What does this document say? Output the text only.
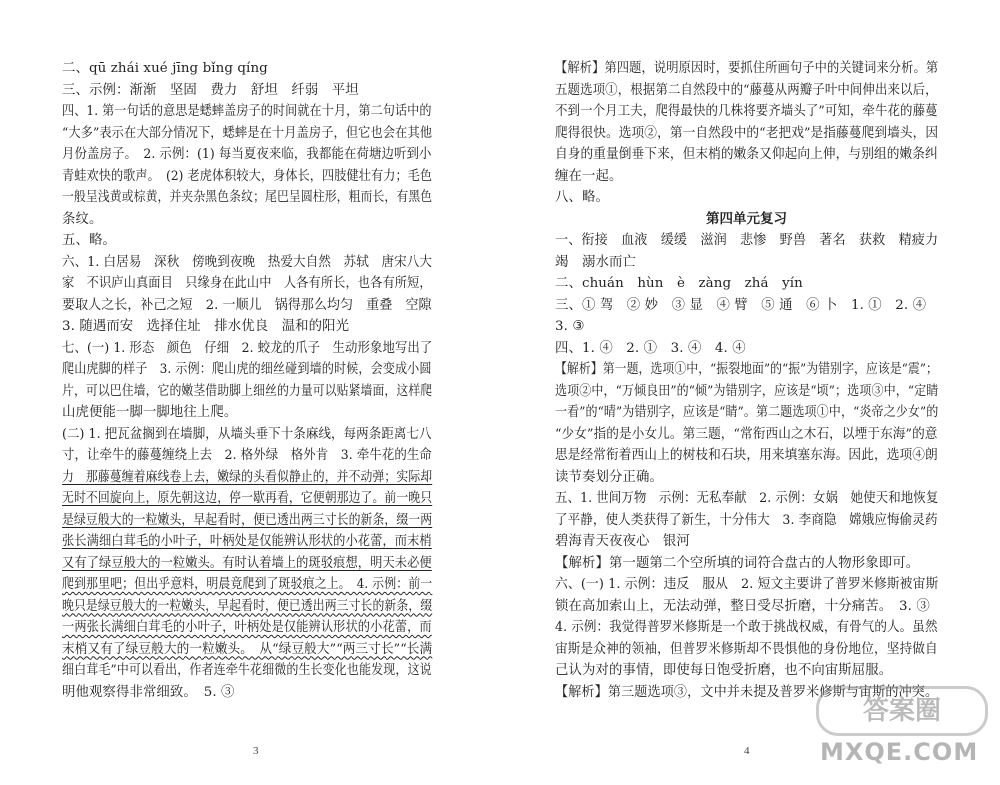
二、qū zhái xué jīng bǐng qíng
三、示例：渐渐　坚固　费力　舒坦　纤弱　平坦
四、1. 第一句话的意思是蟋蟀盖房子的时间就在十月，第二句话中的
“大多”表示在大部分情况下，蟋蟀是在十月盖房子，但它也会在其他
月份盖房子。　2. 示例：(1) 每当夏夜来临，我都能在荷塘边听到小
青蛙欢快的歌声。　(2) 老虎体积较大，身体长，四肢健壮有力；毛色
一般呈浅黄或棕黄，并夹杂黑色条纹；尾巴呈圆柱形，粗而长，有黑色
条纹。
五、略。
六、1. 白居易　深秋　傍晚到夜晚　热爱大自然　苏轼　唐宋八大
家　不识庐山真面目　只缘身在此山中　人各有所长，也各有所短，
要取人之长，补己之短　2. 一顺儿　锅得那么均匀　重叠　空隙
3. 随遇而安　选择住址　排水优良　温和的阳光
七、(一) 1. 形态　颜色　仔细　2. 蛟龙的爪子　生动形象地写出了
爬山虎脚的样子　3. 示例：爬山虎的细丝碰到墙的时候，会变成小圆
片，可以巴住墙，它的嫩茎借助脚上细丝的力量可以贴紧墙面，这样爬
山虎便能一脚一脚地往上爬。
(二) 1. 把瓦盆搁到在墙脚，从墙头垂下十条麻线，每两条距离七八
寸，让牵牛的藤蔓缠绕上去　2. 格外绿　格外肯　3. 牵牛花的生命
力　那藤蔓缠着麻线卷上去，嫩绿的头看似静止的，并不动弹；实际却
无时不回旋向上，原先朝这边，停一歇再看，它便朝那边了。前一晚只
是绿豆般大的一粒嫩头，早起看时，便已透出两三寸长的新条，缀一两
张长满细白茸毛的小叶子，叶柄处是仅能辨认形状的小花蕾，而末梢
又有了绿豆般大的一粒嫩头。有时认着墙上的斑驳痕想，明天未必便
爬到那里吧；但出乎意料，明晨竟爬到了斑驳痕之上。　4. 示例：前一
晚只是绿豆般大的一粒嫩头，早起看时，便已透出两三寸长的新条，缀
一两张长满细白茸毛的小叶子，叶柄处是仅能辨认形状的小花蕾，而
末梢又有了绿豆般大的一粒嫩头。　从“绿豆般大”“两三寸长”“长满
细白茸毛”中可以看出，作者连牵牛花细微的生长变化也能发现，这说
明他观察得非常细致。　5. ③
【解析】第四题，说明原因时，要抓住所画句子中的关键词来分析。第
五题选项①，根据第二自然段中的“藤蔓从两瓣子叶中间伸出来以后，
不到一个月工夫，爬得最快的几株将要齐墙头了”可知，牵牛花的藤蔓
爬得很快。选项②，第一自然段中的“老把戏”是指藤蔓爬到墙头，因
自身的重量倒垂下来，但末梢的嫩条又仰起向上伸，与别组的嫩条纠
缠在一起。
八、略。
第四单元复习
一、衔接　血液　缓缓　滋润　悲惨　野兽　著名　获救　精疲力
竭　溺水而亡
二、chuán　hùn　è　zàng　zhá　yín
三、① 驾　② 妙　③ 显　④ 臂　⑤ 通　⑥ 卜　1. ①　2. ④
3. ③
四、1. ④　2. ①　3. ④　4. ④
【解析】第一题，选项①中，“振裂地面”的“振”为错别字，应该是“震”；
选项②中，“万倾良田”的“倾”为错别字，应该是“顷”；选项③中，“定睛
一看”的“晴”为错别字，应该是“睛”。第二题选项①中，“炎帝之少女”的
“少女”指的是小女儿。第三题，“常衔西山之木石，以堙于东海”的意
思是经常衔着西山上的树枝和石块，用来填塞东海。因此，选项④朗
读节奏划分正确。
五、1. 世间万物　示例：无私奉献　2. 示例：女娲　她使天和地恢复
了平静，使人类获得了新生，十分伟大　3. 李商隐　嫦娥应悔偷灵药
碧海青天夜夜心　银河
【解析】第一题第二个空所填的词符合盘古的人物形象即可。
六、(一) 1. 示例：违反　服从　2. 短文主要讲了普罗米修斯被宙斯
锁在高加索山上，无法动弹，整日受尽折磨，十分痛苦。　3. ③
4. 示例：我觉得普罗米修斯是一个敢于挑战权威，有骨气的人。虽然
宙斯是众神的领袖，但普罗米修斯却不畏惧他的身份地位，坚持做自
己认为对的事情，即使每日饱受折磨，也不向宙斯屈服。
【解析】第三题选项③，文中并未提及普罗米修斯与宙斯的冲突。
3	4
答案圈
MXQE.COM
